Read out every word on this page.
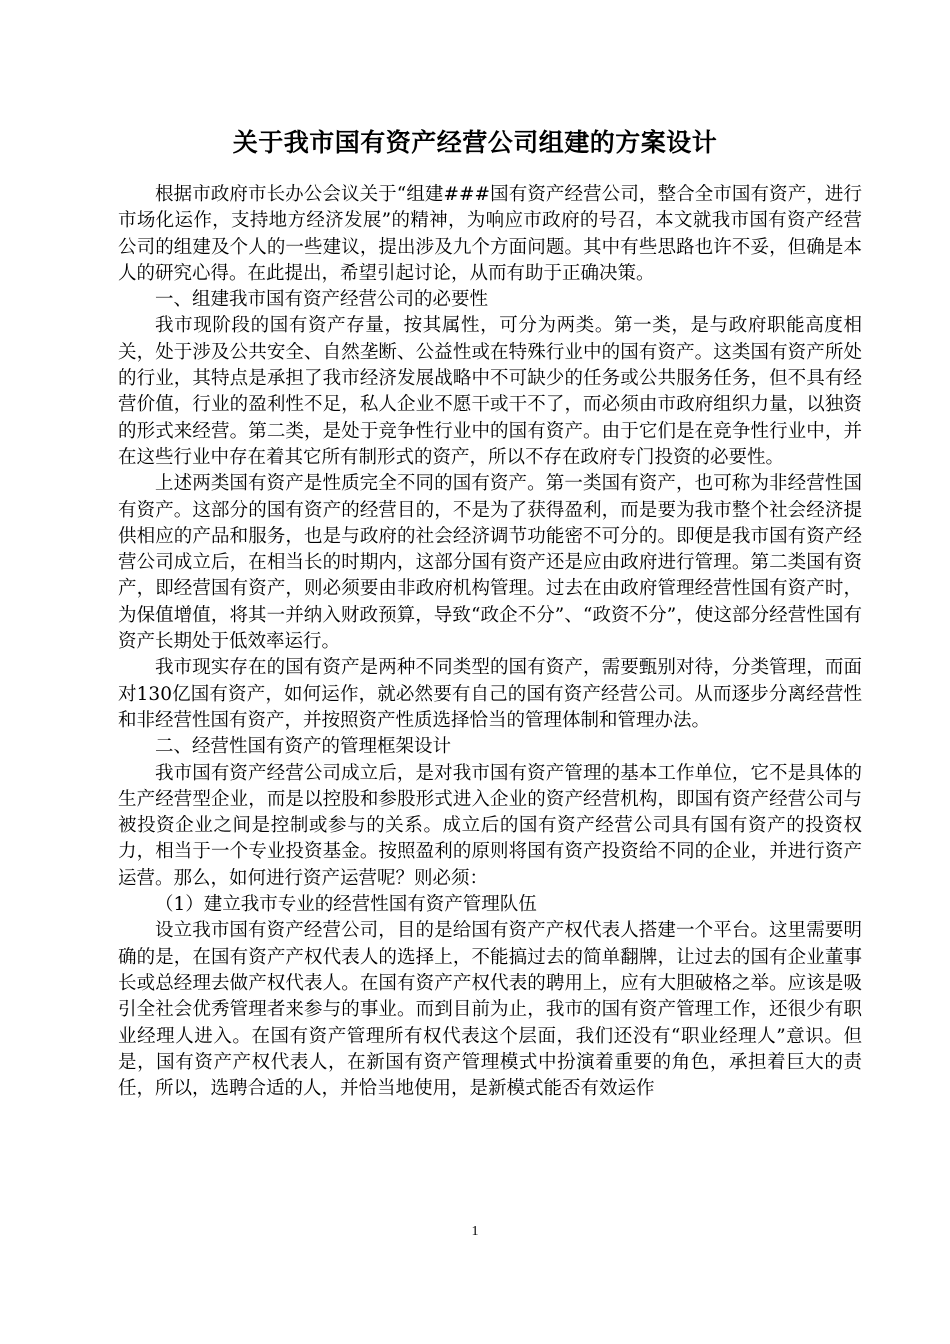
关于我市国有资产经营公司组建的方案设计

根据市政府市长办公会议关于“组建###国有资产经营公司，整合全市国有资产，进行市场化运作，支持地方经济发展”的精神，为响应市政府的号召，本文就我市国有资产经营公司的组建及个人的一些建议，提出涉及九个方面问题。其中有些思路也许不妥，但确是本人的研究心得。在此提出，希望引起讨论，从而有助于正确决策。

一、组建我市国有资产经营公司的必要性

我市现阶段的国有资产存量，按其属性，可分为两类。第一类，是与政府职能高度相关，处于涉及公共安全、自然垄断、公益性或在特殊行业中的国有资产。这类国有资产所处的行业，其特点是承担了我市经济发展战略中不可缺少的任务或公共服务任务，但不具有经营价值，行业的盈利性不足，私人企业不愿干或干不了，而必须由市政府组织力量，以独资的形式来经营。第二类，是处于竞争性行业中的国有资产。由于它们是在竞争性行业中，并在这些行业中存在着其它所有制形式的资产，所以不存在政府专门投资的必要性。

上述两类国有资产是性质完全不同的国有资产。第一类国有资产，也可称为非经营性国有资产。这部分的国有资产的经营目的，不是为了获得盈利，而是要为我市整个社会经济提供相应的产品和服务，也是与政府的社会经济调节功能密不可分的。即便是我市国有资产经营公司成立后，在相当长的时期内，这部分国有资产还是应由政府进行管理。第二类国有资产，即经营国有资产，则必须要由非政府机构管理。过去在由政府管理经营性国有资产时，为保值增值，将其一并纳入财政预算，导致“政企不分”、“政资不分”，使这部分经营性国有资产长期处于低效率运行。

我市现实存在的国有资产是两种不同类型的国有资产，需要甄别对待，分类管理，而面对130亿国有资产，如何运作，就必然要有自己的国有资产经营公司。从而逐步分离经营性和非经营性国有资产，并按照资产性质选择恰当的管理体制和管理办法。

二、经营性国有资产的管理框架设计

我市国有资产经营公司成立后，是对我市国有资产管理的基本工作单位，它不是具体的生产经营型企业，而是以控股和参股形式进入企业的资产经营机构，即国有资产经营公司与被投资企业之间是控制或参与的关系。成立后的国有资产经营公司具有国有资产的投资权力，相当于一个专业投资基金。按照盈利的原则将国有资产投资给不同的企业，并进行资产运营。那么，如何进行资产运营呢？则必须：

（1）建立我市专业的经营性国有资产管理队伍

设立我市国有资产经营公司，目的是给国有资产产权代表人搭建一个平台。这里需要明确的是，在国有资产产权代表人的选择上，不能搞过去的简单翻牌，让过去的国有企业董事长或总经理去做产权代表人。在国有资产产权代表的聘用上，应有大胆破格之举。应该是吸引全社会优秀管理者来参与的事业。而到目前为止，我市的国有资产管理工作，还很少有职业经理人进入。在国有资产管理所有权代表这个层面，我们还没有“职业经理人”意识。但是，国有资产产权代表人，在新国有资产管理模式中扮演着重要的角色，承担着巨大的责任，所以，选聘合适的人，并恰当地使用，是新模式能否有效运作

1
